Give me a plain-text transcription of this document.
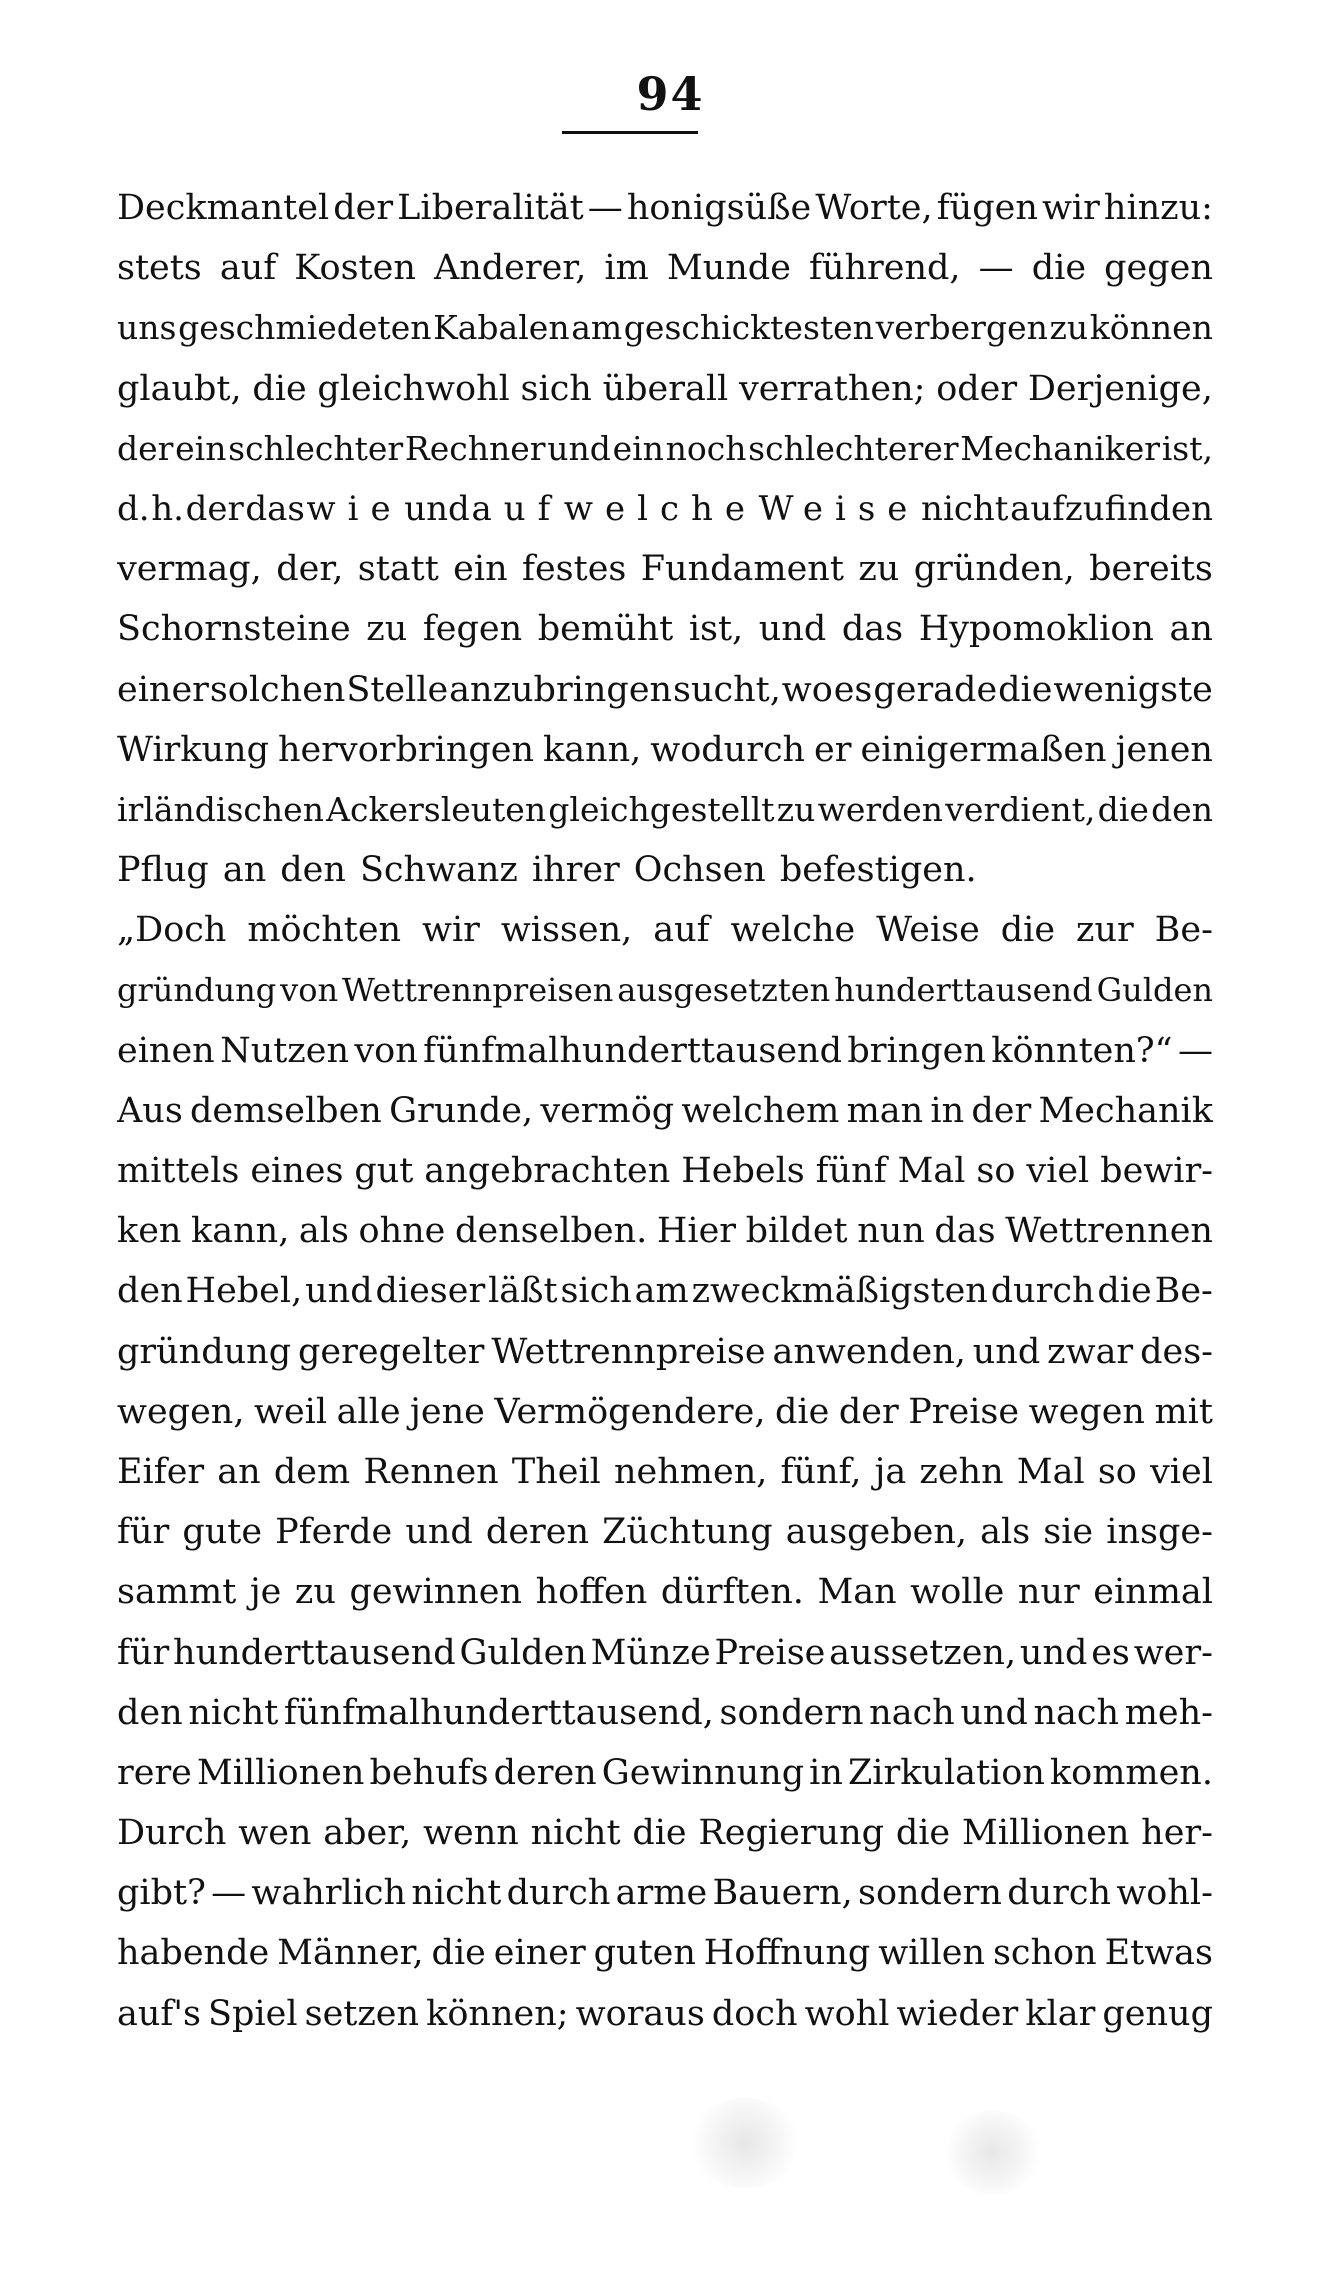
94
Deckmantel der Liberalität — honigsüße Worte, fügen wir hinzu:
stets auf Kosten Anderer, im Munde führend, — die gegen
uns geschmiedeten Kabalen am geschicktesten verbergen zu können
glaubt, die gleichwohl sich überall verrathen; oder Derjenige,
der ein schlechter Rechner und ein noch schlechterer Mechaniker ist,
d. h. der das wie und auf welche Weise nicht aufzufinden
vermag, der, statt ein festes Fundament zu gründen, bereits
Schornsteine zu fegen bemüht ist, und das Hypomoklion an
einer solchen Stelle anzubringen sucht, wo es gerade die wenigste
Wirkung hervorbringen kann, wodurch er einigermaßen jenen
irländischen Ackersleuten gleichgestellt zu werden verdient, die den
Pflug an den Schwanz ihrer Ochsen befestigen.
„Doch möchten wir wissen, auf welche Weise die zur Be-
gründung von Wettrennpreisen ausgesetzten hunderttausend Gulden
einen Nutzen von fünfmalhunderttausend bringen könnten?“ —
Aus demselben Grunde, vermög welchem man in der Mechanik
mittels eines gut angebrachten Hebels fünf Mal so viel bewir-
ken kann, als ohne denselben. Hier bildet nun das Wettrennen
den Hebel, und dieser läßt sich am zweckmäßigsten durch die Be-
gründung geregelter Wettrennpreise anwenden, und zwar des-
wegen, weil alle jene Vermögendere, die der Preise wegen mit
Eifer an dem Rennen Theil nehmen, fünf, ja zehn Mal so viel
für gute Pferde und deren Züchtung ausgeben, als sie insge-
sammt je zu gewinnen hoffen dürften. Man wolle nur einmal
für hunderttausend Gulden Münze Preise aussetzen, und es wer-
den nicht fünfmalhunderttausend, sondern nach und nach meh-
rere Millionen behufs deren Gewinnung in Zirkulation kommen.
Durch wen aber, wenn nicht die Regierung die Millionen her-
gibt? — wahrlich nicht durch arme Bauern, sondern durch wohl-
habende Männer, die einer guten Hoffnung willen schon Etwas
auf's Spiel setzen können; woraus doch wohl wieder klar genug
